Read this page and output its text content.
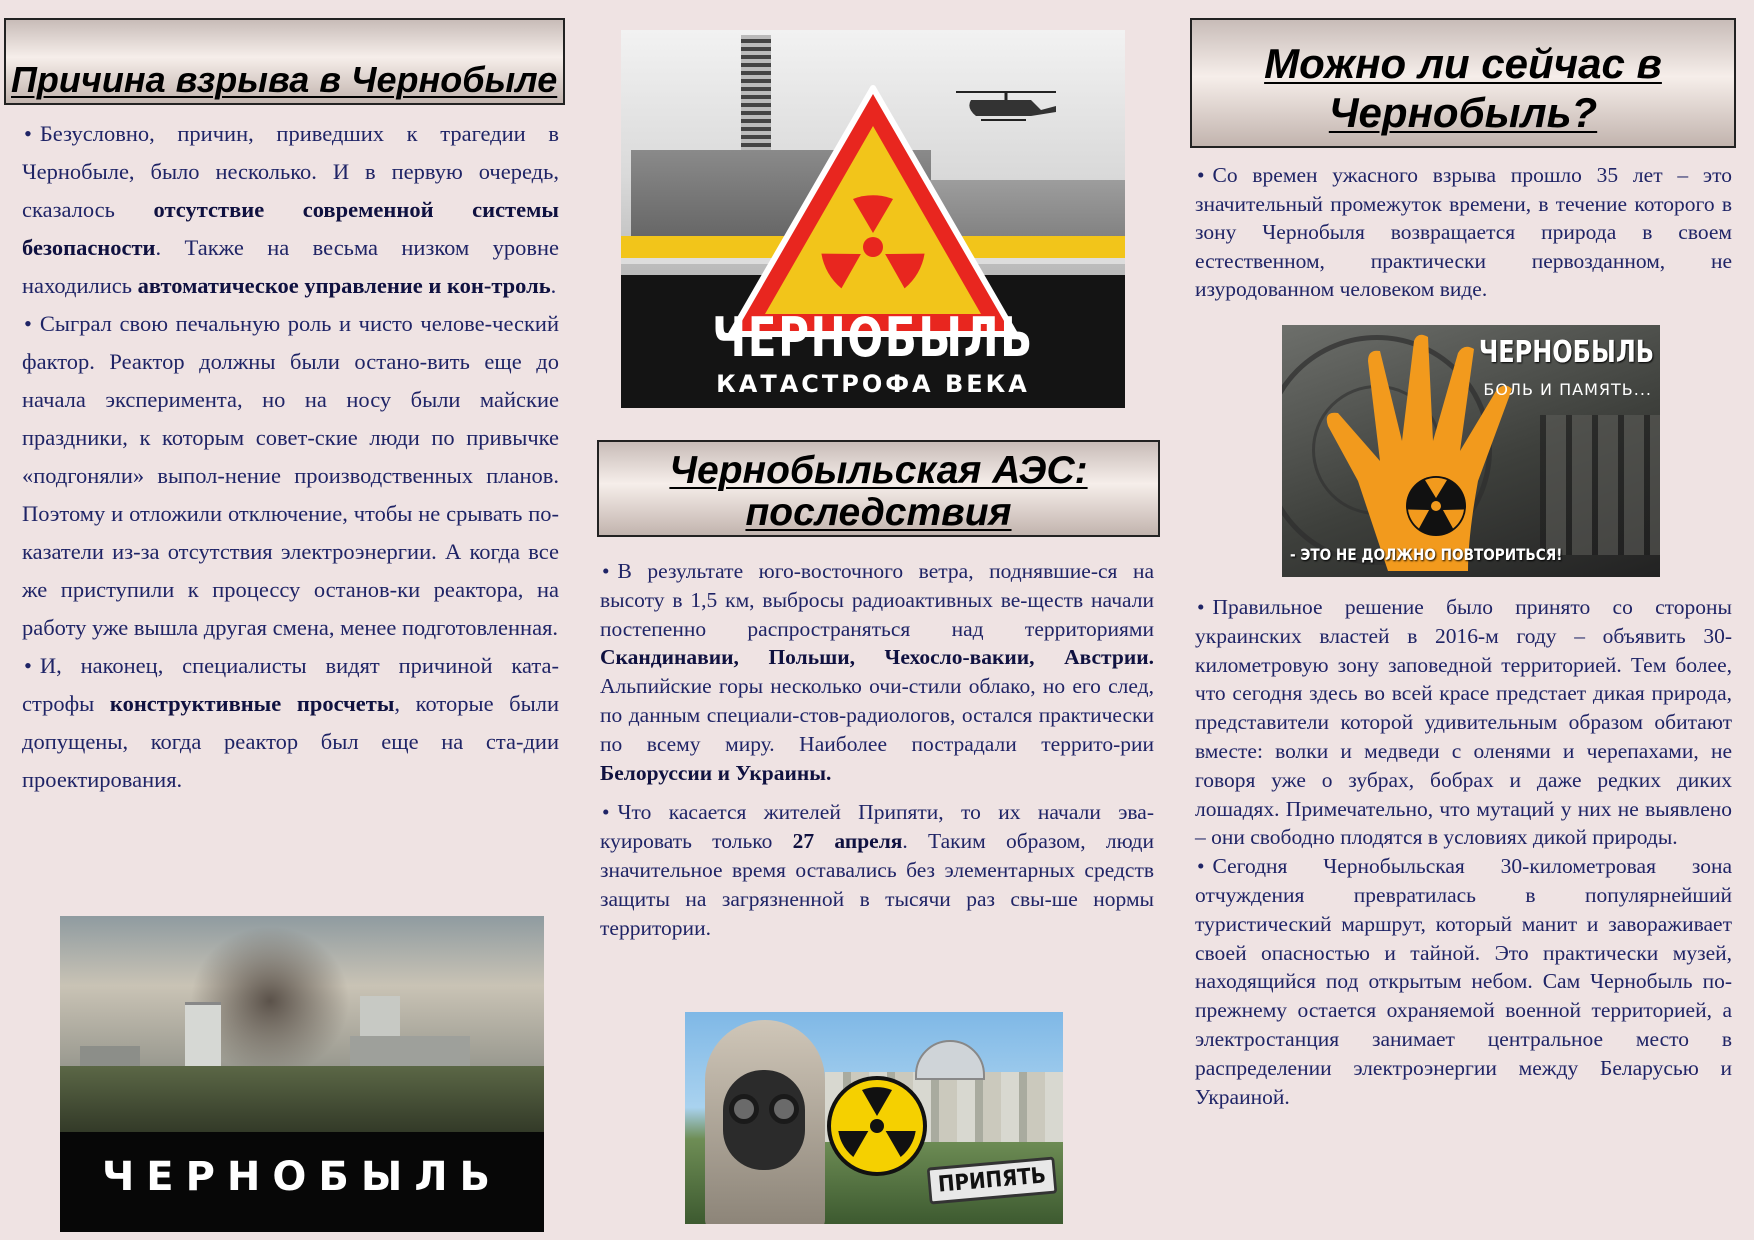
Причина взрыва в Чернобыле

• Безусловно, причин, приведших к трагедии в Чернобыле, было несколько. И в первую очередь, сказалось отсутствие современной системы безопасности. Также на весьма низком уровне находились автоматическое управление и кон-троль.

• Сыграл свою печальную роль и чисто челове-ческий фактор. Реактор должны были остано-вить еще до начала эксперимента, но на носу были майские праздники, к которым совет-ские люди по привычке «подгоняли» выпол-нение производственных планов. Поэтому и отложили отключение, чтобы не срывать по-казатели из-за отсутствия электроэнергии. А когда все же приступили к процессу останов-ки реактора, на работу уже вышла другая смена, менее подготовленная.

• И, наконец, специалисты видят причиной ката-строфы конструктивные просчеты, которые были допущены, когда реактор был еще на ста-дии проектирования.

ЧЕРНОБЫЛЬ
ЧЕРНОБЫЛЬ
КАТАСТРОФА ВЕКА
Чернобыльская АЭС: последствия

• В результате юго-восточного ветра, поднявшие-ся на высоту в 1,5 км, выбросы радиоактивных ве-ществ начали постепенно распространяться над территориями Скандинавии, Польши, Чехосло-вакии, Австрии. Альпийские горы несколько очи-стили облако, но его след, по данным специали-стов-радиологов, остался практически по всему миру. Наиболее пострадали террито-рии Белоруссии и Украины.

• Что касается жителей Припяти, то их начали эва-куировать только 27 апреля. Таким образом, люди значительное время оставались без элементарных средств защиты на загрязненной в тысячи раз свы-ше нормы территории.

ПРИПЯТЬ
Можно ли сейчас в Чернобыль?

• Со времен ужасного взрыва прошло 35 лет – это значительный промежуток времени, в течение которого в зону Чернобыля возвращается природа в своем естественном, практически первозданном, не изуродованном человеком виде.

ЧЕРНОБЫЛЬ
БОЛЬ И ПАМЯТЬ...
- ЭТО НЕ ДОЛЖНО ПОВТОРИТЬСЯ!

• Правильное решение было принято со стороны украинских властей в 2016-м году – объявить 30-километровую зону заповедной территорией. Тем более, что сегодня здесь во всей красе предстает дикая природа, представители которой удивительным образом обитают вместе: волки и медведи с оленями и черепахами, не говоря уже о зубрах, бобрах и даже редких диких лошадях. Примечательно, что мутаций у них не выявлено – они свободно плодятся в условиях дикой природы.

• Сегодня Чернобыльская 30-километровая зона отчуждения превратилась в популярнейший туристический маршрут, который манит и завораживает своей опасностью и тайной. Это практически музей, находящийся под открытым небом. Сам Чернобыль по-прежнему остается охраняемой военной территорией, а электростанция занимает центральное место в распределении электроэнергии между Беларусью и Украиной.
